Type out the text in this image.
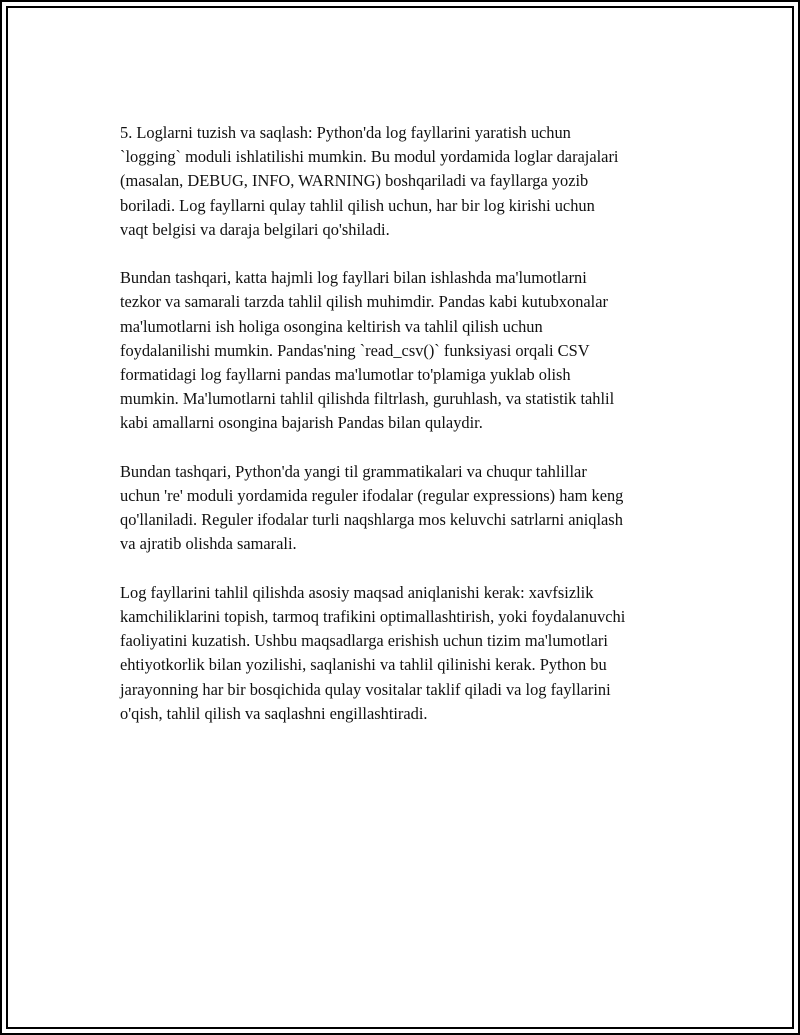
5. Loglarni tuzish va saqlash: Python'da log fayllarini yaratish uchun
`logging` moduli ishlatilishi mumkin. Bu modul yordamida loglar darajalari
(masalan, DEBUG, INFO, WARNING) boshqariladi va fayllarga yozib
boriladi. Log fayllarni qulay tahlil qilish uchun, har bir log kirishi uchun
vaqt belgisi va daraja belgilari qo'shiladi.

Bundan tashqari, katta hajmli log fayllari bilan ishlashda ma'lumotlarni
tezkor va samarali tarzda tahlil qilish muhimdir. Pandas kabi kutubxonalar
ma'lumotlarni ish holiga osongina keltirish va tahlil qilish uchun
foydalanilishi mumkin. Pandas'ning `read_csv()` funksiyasi orqali CSV
formatidagi log fayllarni pandas ma'lumotlar to'plamiga yuklab olish
mumkin. Ma'lumotlarni tahlil qilishda filtrlash, guruhlash, va statistik tahlil
kabi amallarni osongina bajarish Pandas bilan qulaydir.

Bundan tashqari, Python'da yangi til grammatikalari va chuqur tahlillar
uchun 're' moduli yordamida reguler ifodalar (regular expressions) ham keng
qo'llaniladi. Reguler ifodalar turli naqshlarga mos keluvchi satrlarni aniqlash
va ajratib olishda samarali.

Log fayllarini tahlil qilishda asosiy maqsad aniqlanishi kerak: xavfsizlik
kamchiliklarini topish, tarmoq trafikini optimallashtirish, yoki foydalanuvchi
faoliyatini kuzatish. Ushbu maqsadlarga erishish uchun tizim ma'lumotlari
ehtiyotkorlik bilan yozilishi, saqlanishi va tahlil qilinishi kerak. Python bu
jarayonning har bir bosqichida qulay vositalar taklif qiladi va log fayllarini
o'qish, tahlil qilish va saqlashni engillashtiradi.
